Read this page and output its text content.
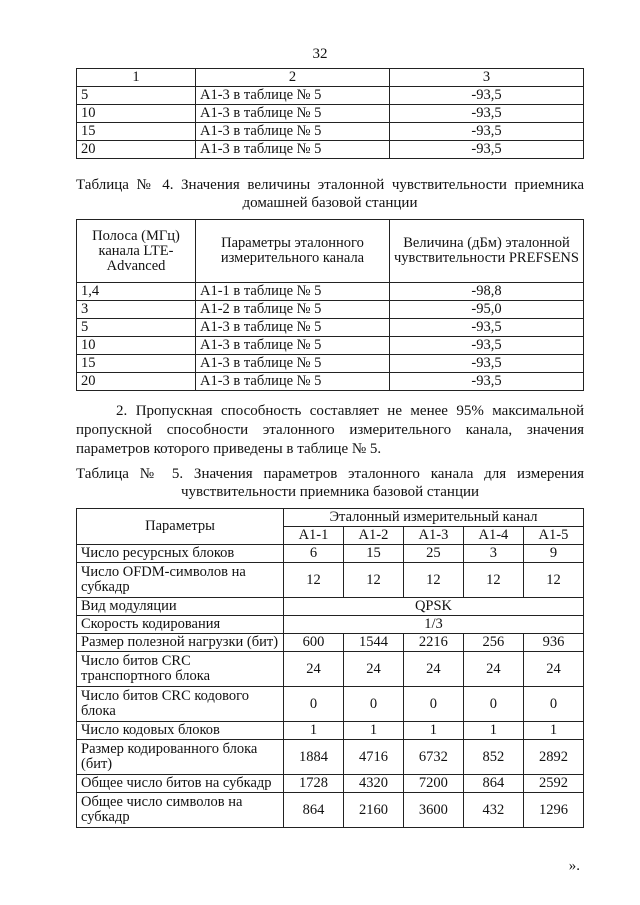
32
1	2	3
5	А1-3 в таблице № 5	-93,5
10	А1-3 в таблице № 5	-93,5
15	А1-3 в таблице № 5	-93,5
20	А1-3 в таблице № 5	-93,5
Таблица № 4. Значения величины эталонной чувствительности приемника
домашней базовой станции
Полоса (МГц) канала LTE-Advanced	Параметры эталонного измерительного канала	Величина (дБм) эталонной чувствительности PREFSENS
1,4	А1-1 в таблице № 5	-98,8
3	А1-2 в таблице № 5	-95,0
5	А1-3 в таблице № 5	-93,5
10	А1-3 в таблице № 5	-93,5
15	А1-3 в таблице № 5	-93,5
20	А1-3 в таблице № 5	-93,5
2. Пропускная способность составляет не менее 95% максимальной
пропускной способности эталонного измерительного канала, значения
параметров которого приведены в таблице № 5.
Таблица № 5. Значения параметров эталонного канала для измерения
чувствительности приемника базовой станции
Параметры	Эталонный измерительный канал				
	А1-1	А1-2	А1-3	А1-4	А1-5
Число ресурсных блоков	6	15	25	3	9
Число OFDM-символов на субкадр	12	12	12	12	12
Вид модуляции	QPSK				
Скорость кодирования	1/3				
Размер полезной нагрузки (бит)	600	1544	2216	256	936
Число битов CRC транспортного блока	24	24	24	24	24
Число битов CRC кодового блока	0	0	0	0	0
Число кодовых блоков	1	1	1	1	1
Размер кодированного блока (бит)	1884	4716	6732	852	2892
Общее число битов на субкадр	1728	4320	7200	864	2592
Общее число символов на субкадр	864	2160	3600	432	1296
».
